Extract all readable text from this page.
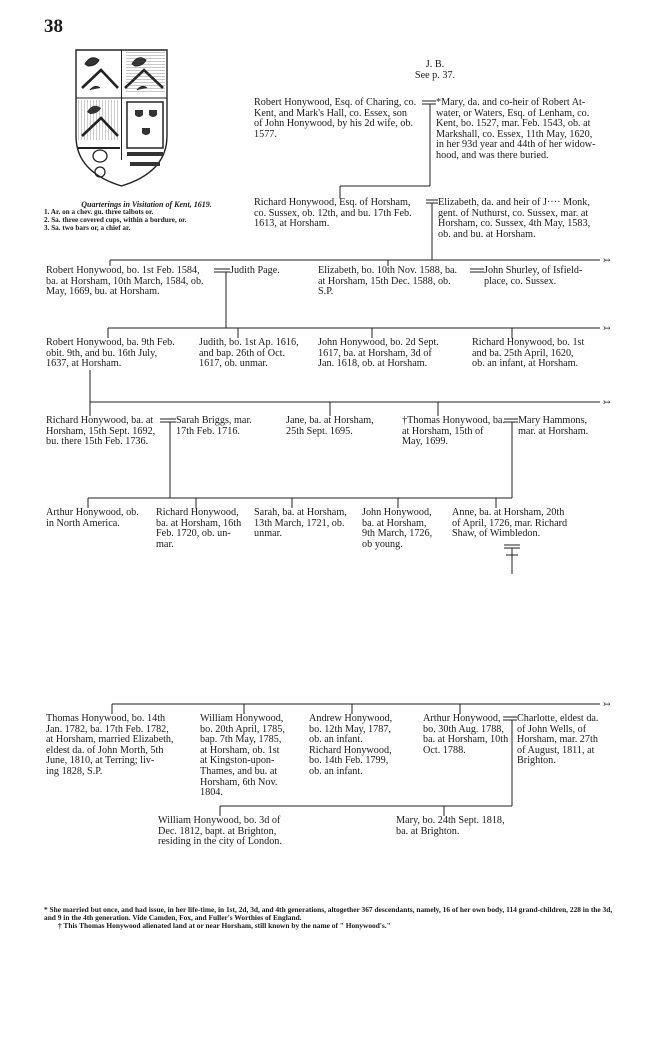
38
Quarterings in Visitation of Kent, 1619.
1. Ar. on a chev. gu. three talbots or.
2. Sa. three covered cups, within a bordure, or.
3. Sa. two bars or, a chief ar.
J. B.
See p. 37.
Robert Honywood, Esq. of Charing, co.
Kent, and Mark's Hall, co. Essex, son
of John Honywood, by his 2d wife, ob.
1577.
*Mary, da. and co-heir of Robert At-
water, or Waters, Esq. of Lenham, co.
Kent, bo. 1527, mar. Feb. 1543, ob. at
Markshall, co. Essex, 11th May, 1620,
in her 93d year and 44th of her widow-
hood, and was there buried.
Richard Honywood, Esq. of Horsham,
co. Sussex, ob. 12th, and bu. 17th Feb.
1613, at Horsham.
Elizabeth, da. and heir of J···· Monk,
gent. of Nuthurst, co. Sussex, mar. at
Horsham, co. Sussex, 4th May, 1583,
ob. and bu. at Horsham.
Robert Honywood, bo. 1st Feb. 1584,
ba. at Horsham, 10th March, 1584, ob.
May, 1669, bu. at Horsham.
Judith Page.	Elizabeth, bo. 10th Nov. 1588, ba.
at Horsham, 15th Dec. 1588, ob.
S.P.
John Shurley, of Isfield-
place, co. Sussex.
Robert Honywood, ba. 9th Feb.
obit. 9th, and bu. 16th July,
1637, at Horsham.
Judith, bo. 1st Ap. 1616,
and bap. 26th of Oct.
1617, ob. unmar.
John Honywood, bo. 2d Sept.
1617, ba. at Horsham, 3d of
Jan. 1618, ob. at Horsham.
Richard Honywood, bo. 1st
and ba. 25th April, 1620,
ob. an infant, at Horsham.
Richard Honywood, ba. at
Horsham, 15th Sept. 1692,
bu. there 15th Feb. 1736.
Sarah Briggs, mar.
17th Feb. 1716.
Jane, ba. at Horsham,
25th Sept. 1695.
†Thomas Honywood, ba.
at Horsham, 15th of
May, 1699.
Mary Hammons,
mar. at Horsham.
Arthur Honywood, ob.
in North America.
Richard Honywood,
ba. at Horsham, 16th
Feb. 1720, ob. un-
mar.
Sarah, ba. at Horsham,
13th March, 1721, ob.
unmar.
John Honywood,
ba. at Horsham,
9th March, 1726,
ob young.
Anne, ba. at Horsham, 20th
of April, 1726, mar. Richard
Shaw, of Wimbledon.
Thomas Honywood, bo. 14th
Jan. 1782, ba. 17th Feb. 1782,
at Horsham, married Elizabeth,
eldest da. of John Morth, 5th
June, 1810, at Terring; liv-
ing 1828, S.P.
William Honywood,
bo. 20th April, 1785,
bap. 7th May, 1785,
at Horsham, ob. 1st
at Kingston-upon-
Thames, and bu. at
Horsham, 6th Nov.
1804.
Andrew Honywood,
bo. 12th May, 1787,
ob. an infant.
Richard Honywood,
bo. 14th Feb. 1799,
ob. an infant.
Arthur Honywood,
bo. 30th Aug. 1788,
ba. at Horsham, 10th
Oct. 1788.
Charlotte, eldest da.
of John Wells, of
Horsham, mar. 27th
of August, 1811, at
Brighton.
William Honywood, bo. 3d of
Dec. 1812, bapt. at Brighton,
residing in the city of London.
Mary, bo. 24th Sept. 1818,
ba. at Brighton.
↣
↣
↣
↣
* She married but once, and had issue, in her life-time, in 1st, 2d, 3d, and 4th generations, altogether 367 descendants, namely, 16 of her own body, 114 grand-children, 228 in the 3d, and 9 in the 4th generation. Vide Camden, Fox, and Fuller's Worthies of England.
† This Thomas Honywood alienated land at or near Horsham, still known by the name of " Honywood's."
